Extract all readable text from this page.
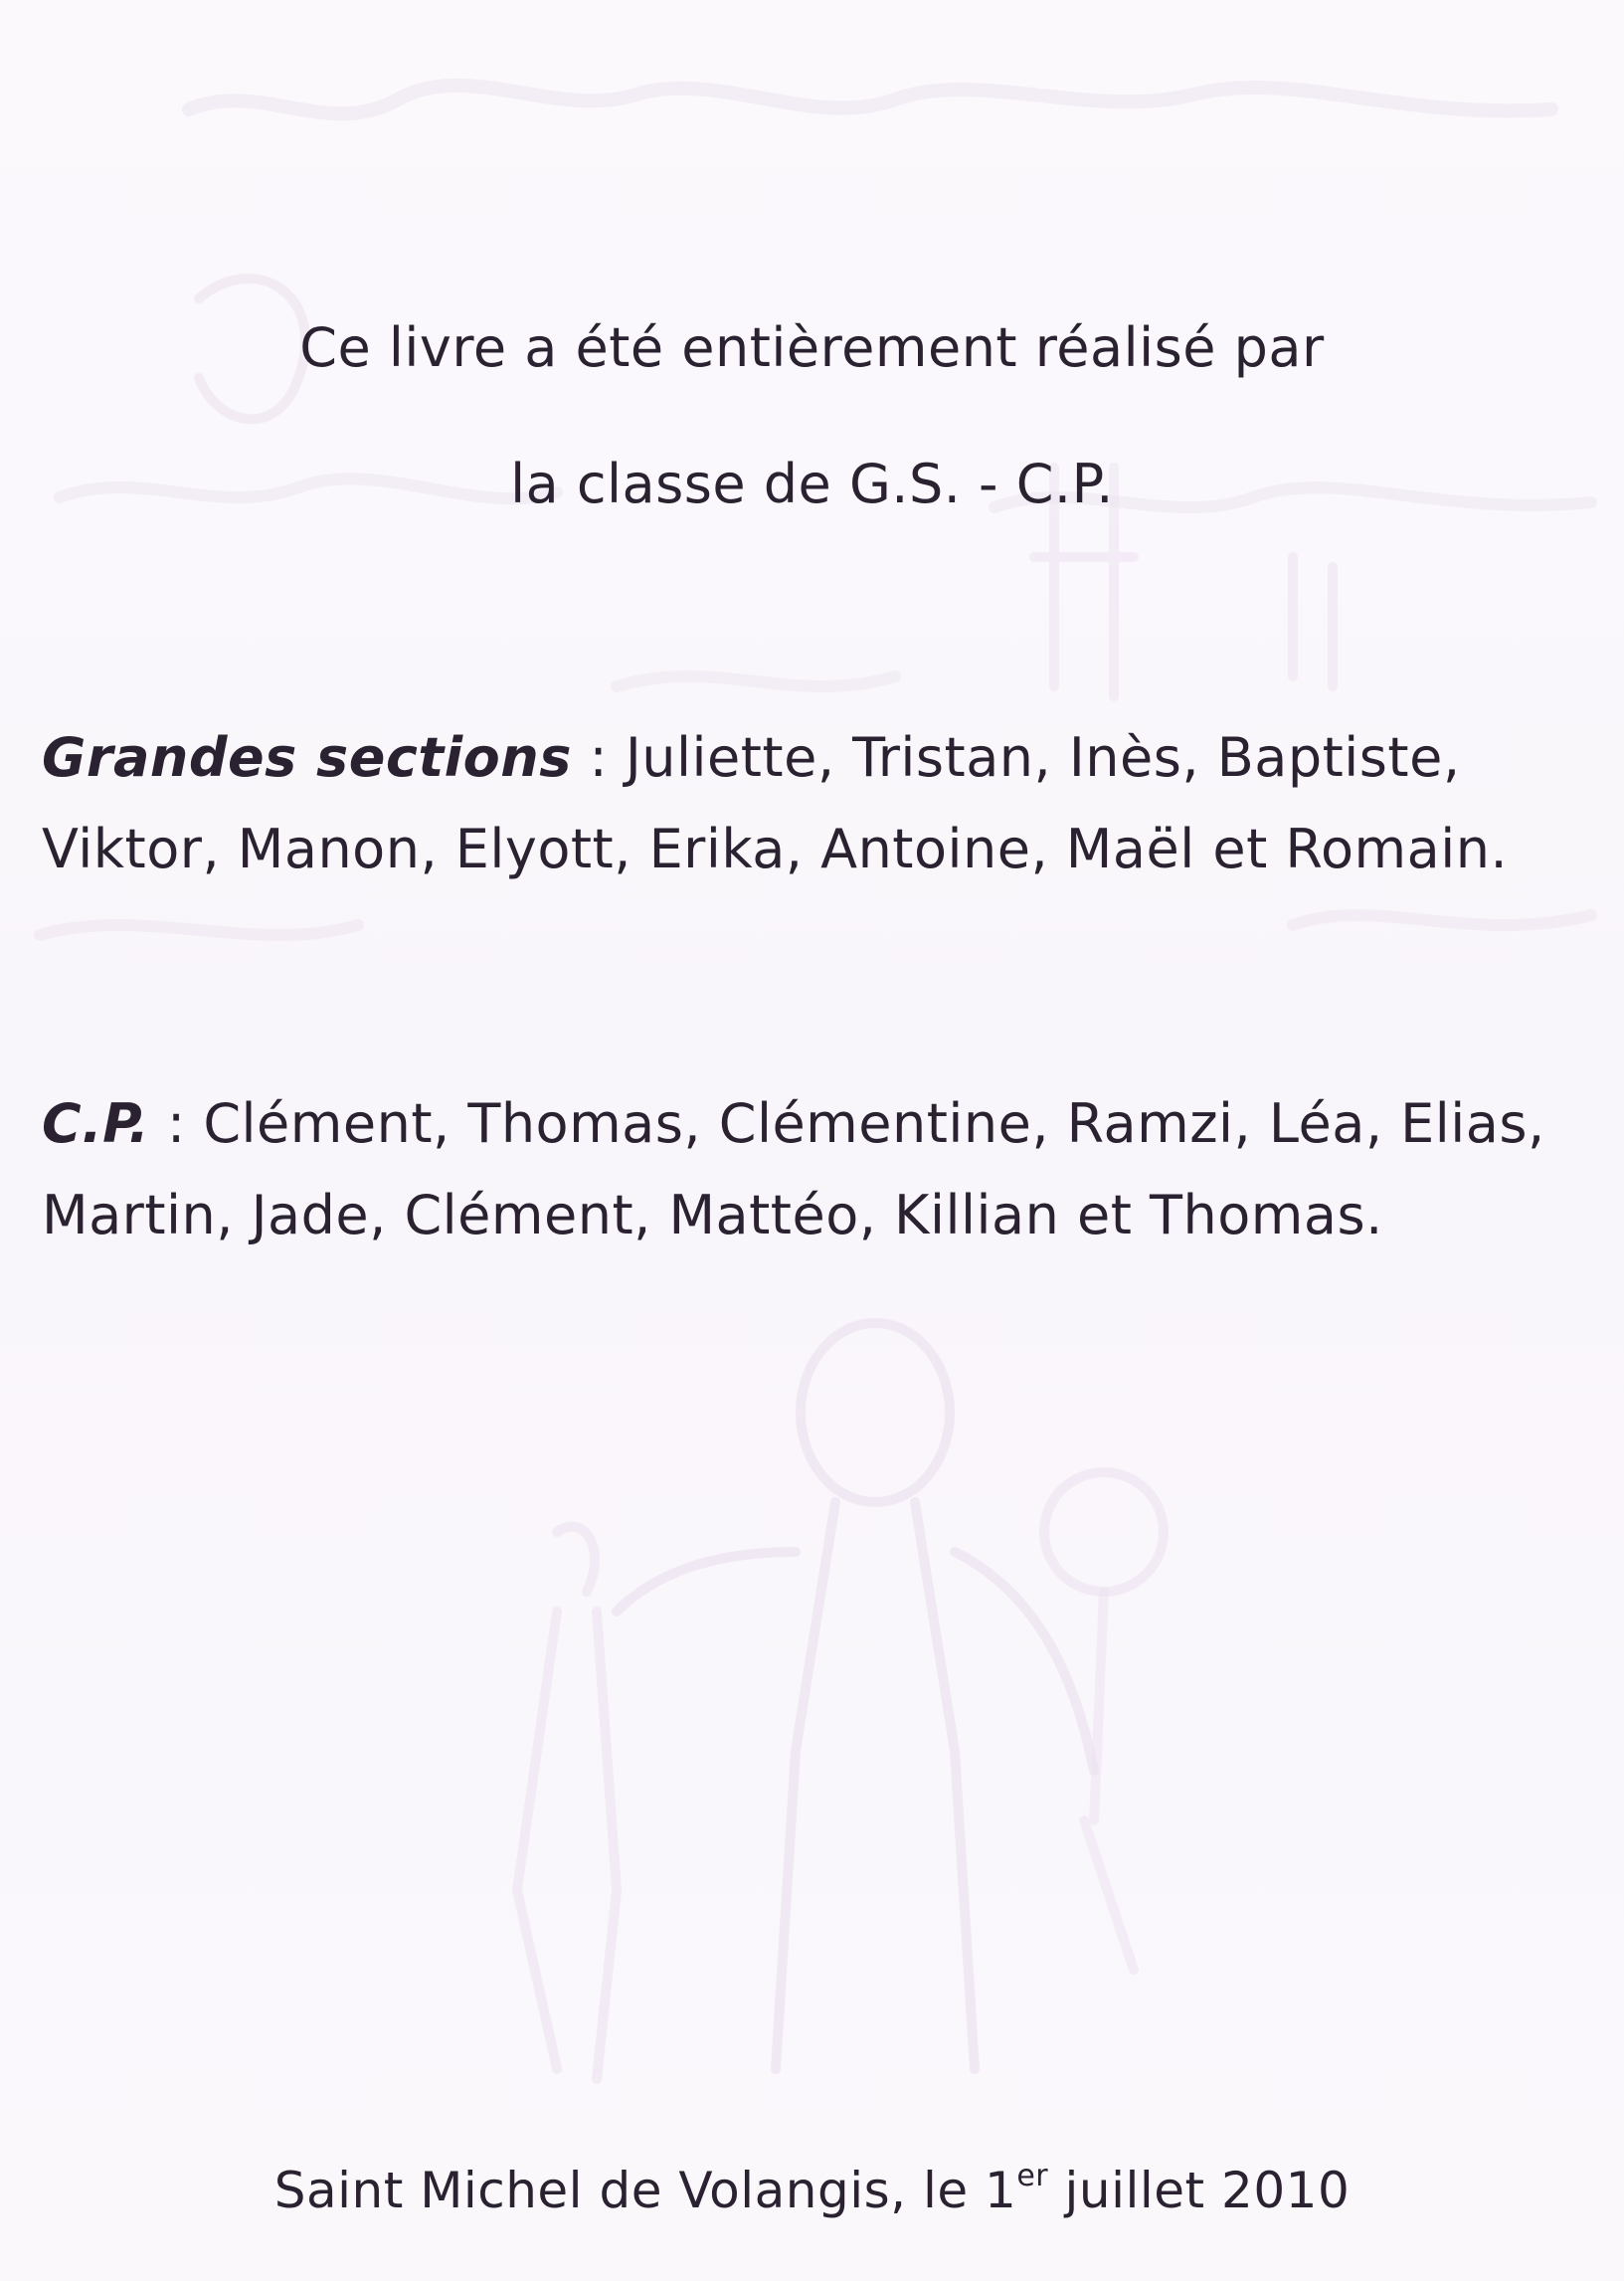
Ce livre a été entièrement réalisé par
la classe de G.S. - C.P.
Grandes sections : Juliette, Tristan, Inès, Baptiste,
Viktor, Manon, Elyott, Erika, Antoine, Maël et Romain.
C.P. : Clément, Thomas, Clémentine, Ramzi, Léa, Elias,
Martin, Jade, Clément, Mattéo, Killian et Thomas.
Saint Michel de Volangis, le 1er juillet 2010
